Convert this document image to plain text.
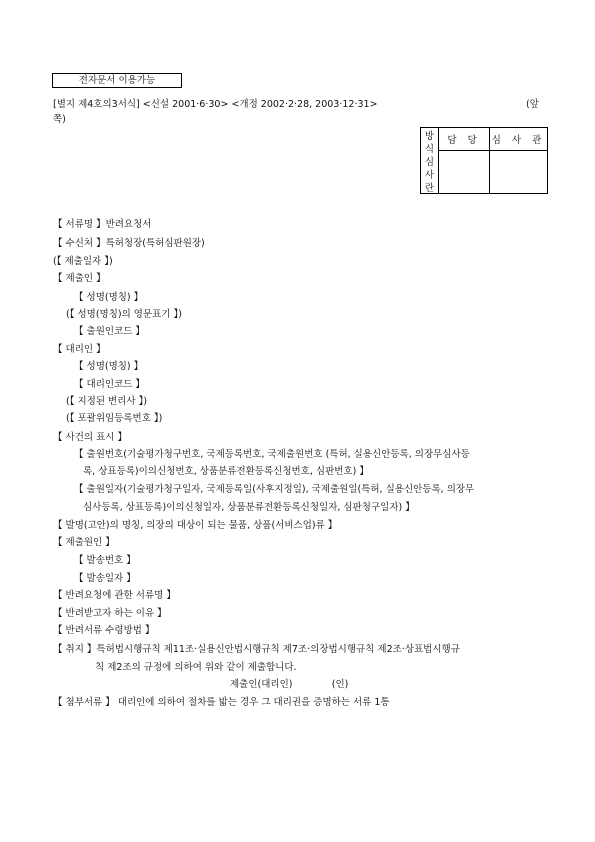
전자문서 이용가능
[별지 제4호의3서식] <신설 2001·6·30> <개정 2002·2·28, 2003·12·31>	(앞
쪽)
방
식
심
사
란	담 당	심 사 관

【 서류명 】반려요청서
【 수신처 】특허청장(특허심판원장)
(【 제출일자 】)
【 제출인 】
【 성명(명칭) 】
(【 성명(명칭)의 영문표기 】)
【 출원인코드 】
【 대리인 】
【 성명(명칭) 】
【 대리인코드 】
(【 지정된 변리사 】)
(【 포괄위임등록번호 】)
【 사건의 표시 】
【 출원번호(기술평가청구번호, 국제등록번호, 국제출원번호 (특허, 실용신안등록, 의장무심사등
록, 상표등록)이의신청번호, 상품분류전환등록신청번호, 심판번호) 】
【 출원일자(기술평가청구일자, 국제등록일(사후지정일), 국제출원일(특허, 실용신안등록, 의장무
심사등록, 상표등록)이의신청일자, 상품분류전환등록신청일자, 심판청구일자) 】
【 발명(고안)의 명칭, 의장의 대상이 되는 물품, 상품(서비스업)류 】
【 제출원인 】
【 발송번호 】
【 발송일자 】
【 반려요청에 관한 서류명 】
【 반려받고자 하는 이유 】
【 반려서류 수령방법 】
【 취지 】특허법시행규칙 제11조·실용신안법시행규칙 제7조·의장법시행규칙 제2조·상표법시행규
칙 제2조의 규정에 의하여 위와 같이 제출합니다.
제출인(대리인)             (인)
【 첨부서류 】 대리인에 의하여 절차를 밟는 경우 그 대리권을 증명하는 서류 1통
